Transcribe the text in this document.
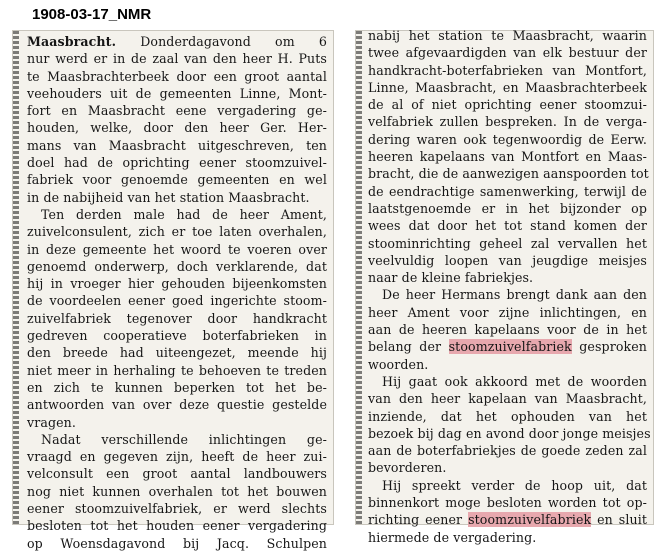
1908-03-17_NMR
Maasbracht. Donderdagavond om 6
nur werd er in de zaal van den heer H. Puts
te Maasbrachterbeek door een groot aantal
veehouders uit de gemeenten Linne, Mont-
fort en Maasbracht eene vergadering ge-
houden, welke, door den heer Ger. Her-
mans van Maasbracht uitgeschreven, ten
doel had de oprichting eener stoomzuivel-
fabriek voor genoemde gemeenten en wel
in de nabijheid van het station Maasbracht.
Ten derden male had de heer Ament,
zuivelconsulent, zich er toe laten overhalen,
in deze gemeente het woord te voeren over
genoemd onderwerp, doch verklarende, dat
hij in vroeger hier gehouden bijeenkomsten
de voordeelen eener goed ingerichte stoom-
zuivelfabriek tegenover door handkracht
gedreven cooperatieve boterfabrieken in
den breede had uiteengezet, meende hij
niet meer in herhaling te behoeven te treden
en zich te kunnen beperken tot het be-
antwoorden van over deze questie gestelde
vragen.
Nadat verschillende inlichtingen ge-
vraagd en gegeven zijn, heeft de heer zui-
velconsult een groot aantal landbouwers
nog niet kunnen overhalen tot het bouwen
eener stoomzuivelfabriek, er werd slechts
besloten tot het houden eener vergadering
op Woensdagavond bij Jacq. Schulpen
nabij het station te Maasbracht, waarin
twee afgevaardigden van elk bestuur der
handkracht-boterfabrieken van Montfort,
Linne, Maasbracht, en Maasbrachterbeek
de al of niet oprichting eener stoomzui-
velfabriek zullen bespreken. In de verga-
dering waren ook tegenwoordig de Eerw.
heeren kapelaans van Montfort en Maas-
bracht, die de aanwezigen aanspoorden tot
de eendrachtige samenwerking, terwijl de
laatstgenoemde er in het bijzonder op
wees dat door het tot stand komen der
stoominrichting geheel zal vervallen het
veelvuldig loopen van jeugdige meisjes
naar de kleine fabriekjes.
De heer Hermans brengt dank aan den
heer Ament voor zijne inlichtingen, en
aan de heeren kapelaans voor de in het
belang der stoomzuivelfabriek gesproken
woorden.
Hij gaat ook akkoord met de woorden
van den heer kapelaan van Maasbracht,
inziende, dat het ophouden van het
bezoek bij dag en avond door jonge meisjes
aan de boterfabriekjes de goede zeden zal
bevorderen.
Hij spreekt verder de hoop uit, dat
binnenkort moge besloten worden tot op-
richting eener stoomzuivelfabriek en sluit
hiermede de vergadering.
